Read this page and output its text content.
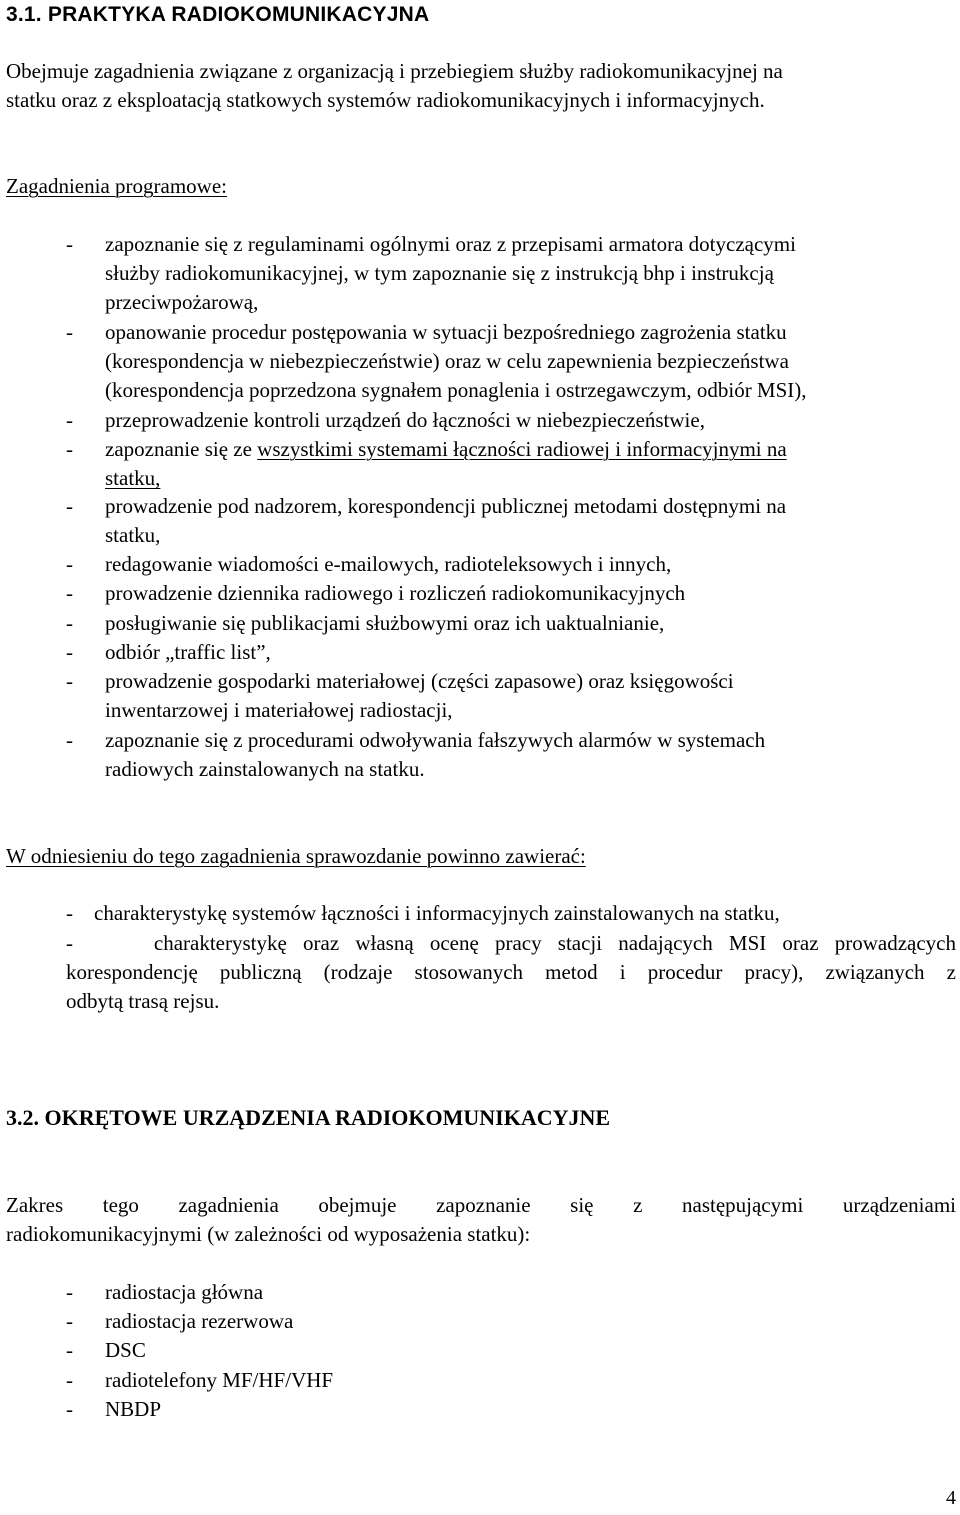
3.1. PRAKTYKA RADIOKOMUNIKACYJNA
Obejmuje zagadnienia związane z organizacją i przebiegiem służby radiokomunikacyjnej na
statku oraz z eksploatacją statkowych systemów radiokomunikacyjnych i informacyjnych.
Zagadnienia programowe:
- zapoznanie się z regulaminami ogólnymi oraz z przepisami armatora dotyczącymi
służby radiokomunikacyjnej, w tym zapoznanie się z instrukcją bhp i instrukcją
przeciwpożarową,
- opanowanie procedur postępowania w sytuacji bezpośredniego zagrożenia statku
(korespondencja w niebezpieczeństwie) oraz w celu zapewnienia bezpieczeństwa
(korespondencja poprzedzona sygnałem ponaglenia i ostrzegawczym, odbiór MSI),
- przeprowadzenie kontroli urządzeń do łączności w niebezpieczeństwie,
- zapoznanie się ze wszystkimi systemami łączności radiowej i informacyjnymi na
statku,
- prowadzenie pod nadzorem, korespondencji publicznej metodami dostępnymi na
statku,
- redagowanie wiadomości e-mailowych, radioteleksowych i innych,
- prowadzenie dziennika radiowego i rozliczeń radiokomunikacyjnych
- posługiwanie się publikacjami służbowymi oraz ich uaktualnianie,
- odbiór „traffic list”,
- prowadzenie gospodarki materiałowej (części zapasowe) oraz księgowości
inwentarzowej i materiałowej radiostacji,
- zapoznanie się z procedurami odwoływania fałszywych alarmów w systemach
radiowych zainstalowanych na statku.
W odniesieniu do tego zagadnienia sprawozdanie powinno zawierać:
-    charakterystykę systemów łączności i informacyjnych zainstalowanych na statku,
-     charakterystykę oraz własną ocenę pracy stacji nadających MSI oraz prowadzących
korespondencję publiczną (rodzaje stosowanych metod i procedur pracy), związanych z
odbytą trasą rejsu.
3.2. OKRĘTOWE URZĄDZENIA RADIOKOMUNIKACYJNE
Zakres tego zagadnienia obejmuje zapoznanie się z następującymi urządzeniami
radiokomunikacyjnymi (w zależności od wyposażenia statku):
- radiostacja główna
- radiostacja rezerwowa
- DSC
- radiotelefony MF/HF/VHF
- NBDP
4
